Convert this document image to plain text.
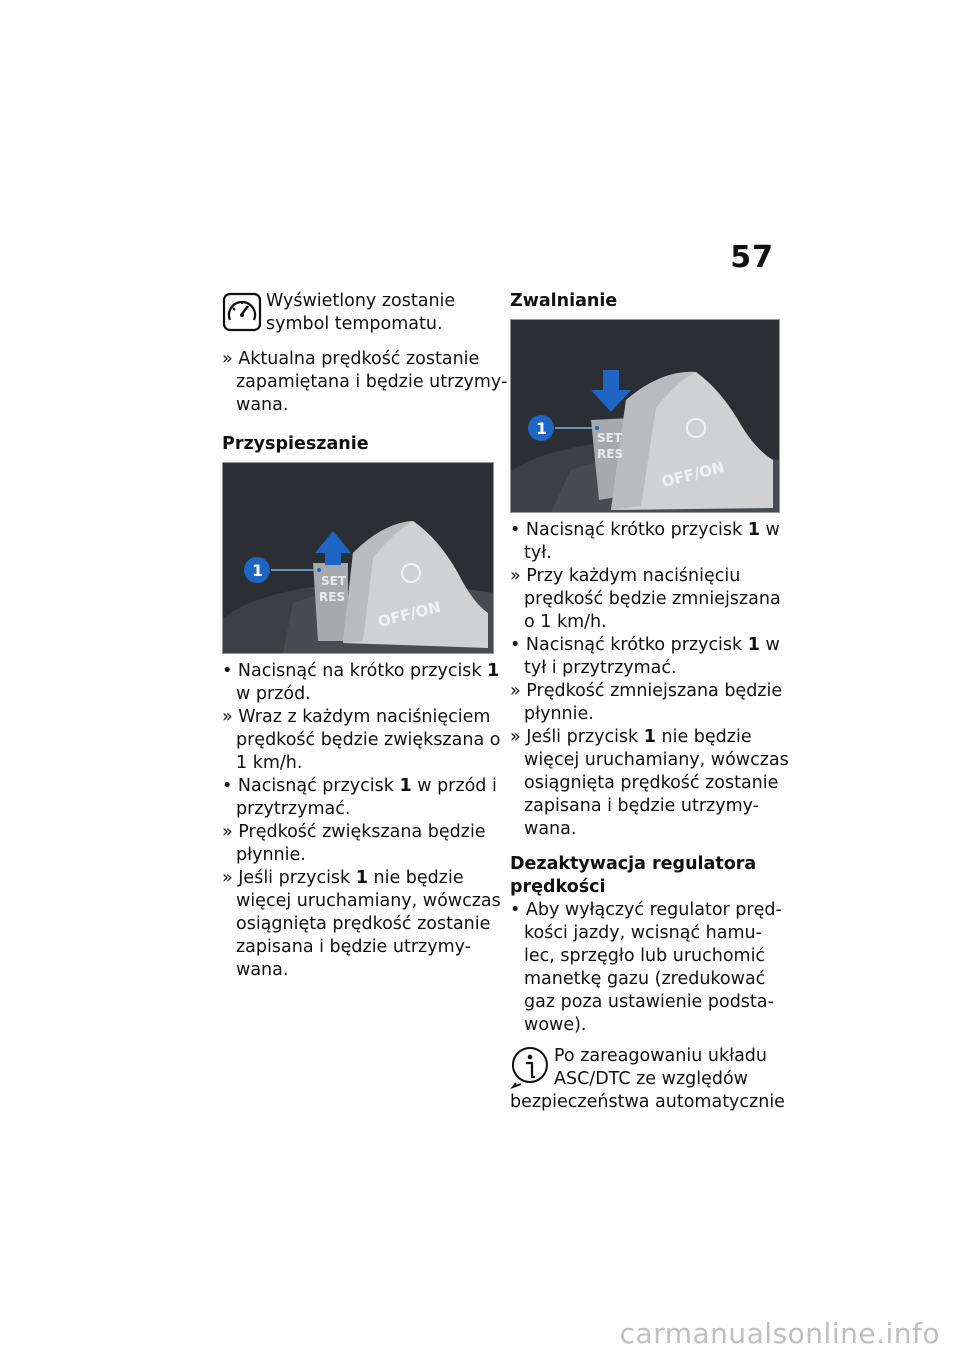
57
Wyświetlony zostanie
symbol tempomatu.
» Aktualna prędkość zostanie
zapamiętana i będzie utrzymy-
wana.
Przyspieszanie
SET
RES
OFF/ON
1
• Nacisnąć na krótko przycisk 1
w przód.
» Wraz z każdym naciśnięciem
prędkość będzie zwiększana o
1 km/h.
• Nacisnąć przycisk 1 w przód i
przytrzymać.
» Prędkość zwiększana będzie
płynnie.
» Jeśli przycisk 1 nie będzie
więcej uruchamiany, wówczas
osiągnięta prędkość zostanie
zapisana i będzie utrzymy-
wana.
Zwalnianie
SET
RES
OFF/ON
1
• Nacisnąć krótko przycisk 1 w
tył.
» Przy każdym naciśnięciu
prędkość będzie zmniejszana
o 1 km/h.
• Nacisnąć krótko przycisk 1 w
tył i przytrzymać.
» Prędkość zmniejszana będzie
płynnie.
» Jeśli przycisk 1 nie będzie
więcej uruchamiany, wówczas
osiągnięta prędkość zostanie
zapisana i będzie utrzymy-
wana.
Dezaktywacja regulatora
prędkości
• Aby wyłączyć regulator pręd-
kości jazdy, wcisnąć hamu-
lec, sprzęgło lub uruchomić
manetkę gazu (zredukować
gaz poza ustawienie podsta-
wowe).
Po zareagowaniu układu
ASC/DTC ze względów
bezpieczeństwa automatycznie
carmanualsonline.info
